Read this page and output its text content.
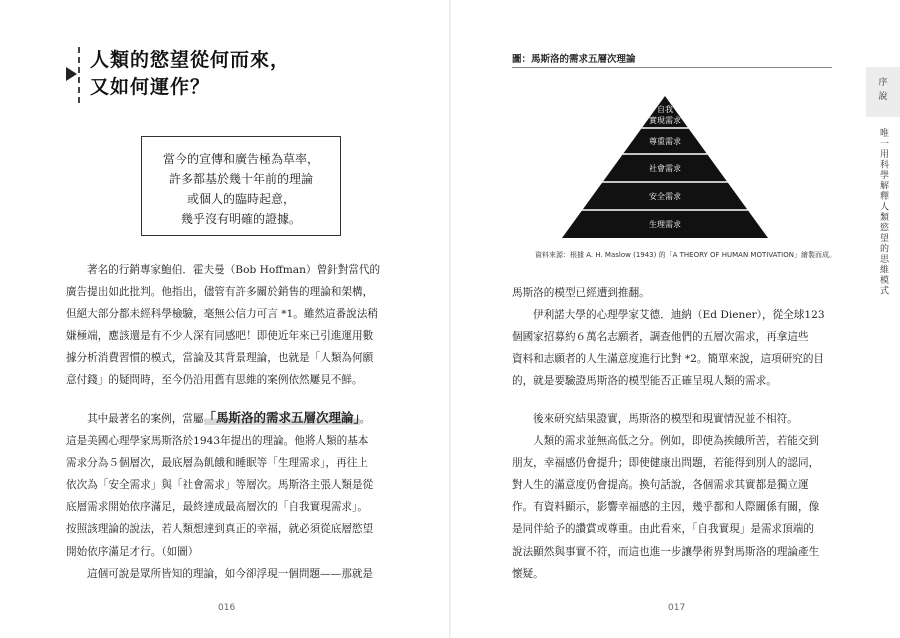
人類的慾望從何而來，
又如何運作？
當今的宣傳和廣告極為草率，
許多都基於幾十年前的理論
或個人的臨時起意，
幾乎沒有明確的證據。
著名的行銷專家鮑伯．霍夫曼（Bob Hoffman）曾針對當代的
廣告提出如此批判。他指出，儘管有許多關於銷售的理論和架構，
但絕大部分都未經科學檢驗，毫無公信力可言 *1。雖然這番說法稍
嫌極端，應該還是有不少人深有同感吧！即使近年來已引進運用數
據分析消費習慣的模式，當論及其背景理論，也就是「人類為何願
意付錢」的疑問時，至今仍沿用舊有思維的案例依然屢見不鮮。
其中最著名的案例，當屬「馬斯洛的需求五層次理論」。
這是美國心理學家馬斯洛於1943年提出的理論。他將人類的基本
需求分為５個層次，最底層為飢餓和睡眠等「生理需求」，再往上
依次為「安全需求」與「社會需求」等層次。馬斯洛主張人類是從
底層需求開始依序滿足，最終達成最高層次的「自我實現需求」。
按照該理論的說法，若人類想達到真正的幸福，就必須從底層慾望
開始依序滿足才行。（如圖）
這個可說是眾所皆知的理論，如今卻浮現一個問題——那就是
016
圖：馬斯洛的需求五層次理論
自我
實現需求
尊重需求
社會需求
安全需求
生理需求
資料來源：根據 A. H. Maslow (1943) 的「A THEORY OF HUMAN MOTIVATION」繪製而成。
馬斯洛的模型已經遭到推翻。
伊利諾大學的心理學家艾德．迪納（Ed Diener），從全球123
個國家招募約６萬名志願者，調查他們的五層次需求，再拿這些
資料和志願者的人生滿意度進行比對 *2。簡單來說，這項研究的目
的，就是要驗證馬斯洛的模型能否正確呈現人類的需求。
後來研究結果證實，馬斯洛的模型和現實情況並不相符。
人類的需求並無高低之分。例如，即使為挨餓所苦，若能交到
朋友，幸福感仍會提升；即使健康出問題，若能得到別人的認同，
對人生的滿意度仍會提高。換句話說，各個需求其實都是獨立運
作。有資料顯示，影響幸福感的主因，幾乎都和人際關係有關，像
是同伴給予的讚賞或尊重。由此看來，「自我實現」是需求頂端的
說法顯然與事實不符，而這也進一步讓學術界對馬斯洛的理論產生
懷疑。
017
序
說
唯一用科學解釋人類慾望的思維模式
